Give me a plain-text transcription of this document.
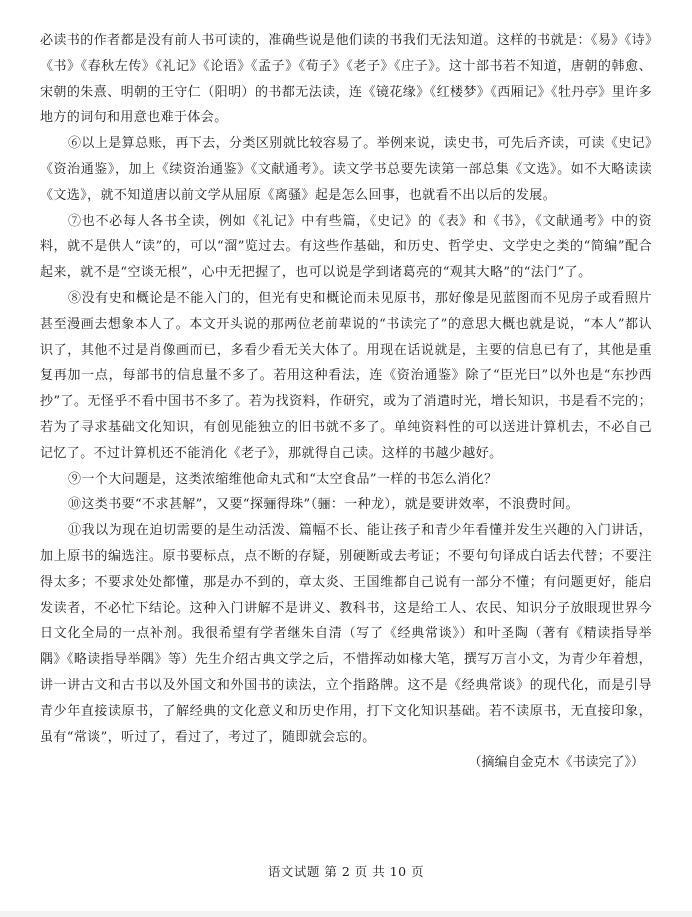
必读书的作者都是没有前人书可读的，准确些说是他们读的书我们无法知道。这样的书就是：《易》《诗》《书》《春秋左传》《礼记》《论语》《孟子》《荀子》《老子》《庄子》。这十部书若不知道，唐朝的韩愈、宋朝的朱熹、明朝的王守仁（阳明）的书都无法读，连《镜花缘》《红楼梦》《西厢记》《牡丹亭》里许多地方的词句和用意也难于体会。

⑥以上是算总账，再下去，分类区别就比较容易了。举例来说，读史书，可先后齐读，可读《史记》《资治通鉴》，加上《续资治通鉴》《文献通考》。读文学书总要先读第一部总集《文选》。如不大略读读《文选》，就不知道唐以前文学从屈原《离骚》起是怎么回事，也就看不出以后的发展。

⑦也不必每人各书全读，例如《礼记》中有些篇，《史记》的《表》和《书》，《文献通考》中的资料，就不是供人“读”的，可以“溜”览过去。有这些作基础，和历史、哲学史、文学史之类的“简编”配合起来，就不是“空谈无根”，心中无把握了，也可以说是学到诸葛亮的“观其大略”的“法门”了。

⑧没有史和概论是不能入门的，但光有史和概论而未见原书，那好像是见蓝图而不见房子或看照片甚至漫画去想象本人了。本文开头说的那两位老前辈说的“书读完了”的意思大概也就是说，“本人”都认识了，其他不过是肖像画而已，多看少看无关大体了。用现在话说就是，主要的信息已有了，其他是重复再加一点，每部书的信息量不多了。若用这种看法，连《资治通鉴》除了“臣光曰”以外也是“东抄西抄”了。无怪乎不看中国书不多了。若为找资料，作研究，或为了消遣时光，增长知识，书是看不完的；若为了寻求基础文化知识，有创见能独立的旧书就不多了。单纯资料性的可以送进计算机去，不必自己记忆了。不过计算机还不能消化《老子》，那就得自己读。这样的书越少越好。

⑨一个大问题是，这类浓缩维他命丸式和“太空食品”一样的书怎么消化？

⑩这类书要“不求甚解”，又要“探骊得珠”（骊：一种龙），就是要讲效率，不浪费时间。

⑪我以为现在迫切需要的是生动活泼、篇幅不长、能让孩子和青少年看懂并发生兴趣的入门讲话，加上原书的编选注。原书要标点，点不断的存疑，别硬断或去考证；不要句句译成白话去代替；不要注得太多；不要求处处都懂，那是办不到的，章太炎、王国维都自己说有一部分不懂；有问题更好，能启发读者，不必忙下结论。这种入门讲解不是讲义、教科书，这是给工人、农民、知识分子放眼现世界今日文化全局的一点补剂。我很希望有学者继朱自清（写了《经典常谈》）和叶圣陶（著有《精读指导举隅》《略读指导举隅》等）先生介绍古典文学之后，不惜挥动如椽大笔，撰写万言小文，为青少年着想，讲一讲古文和古书以及外国文和外国书的读法，立个指路牌。这不是《经典常谈》的现代化，而是引导青少年直接读原书，了解经典的文化意义和历史作用，打下文化知识基础。若不读原书，无直接印象，虽有“常谈”，听过了，看过了，考过了，随即就会忘的。

（摘编自金克木《书读完了》）

语文试题 第 2 页 共 10 页
